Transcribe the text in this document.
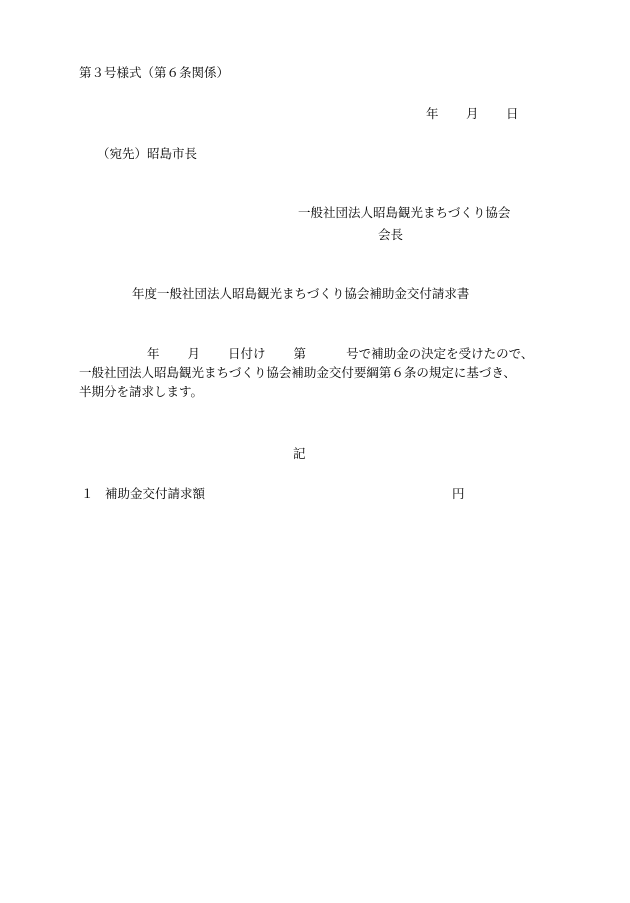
第３号様式（第６条関係）

年 月 日

（宛先）昭島市長

一般社団法人昭島観光まちづくり協会

会長

年度一般社団法人昭島観光まちづくり協会補助金交付請求書

年 月 日付け 第	号で補助金の決定を受けたので、

一般社団法人昭島観光まちづくり協会補助金交付要綱第６条の規定に基づき、

半期分を請求します。

記

１ 補助金交付請求額	円
